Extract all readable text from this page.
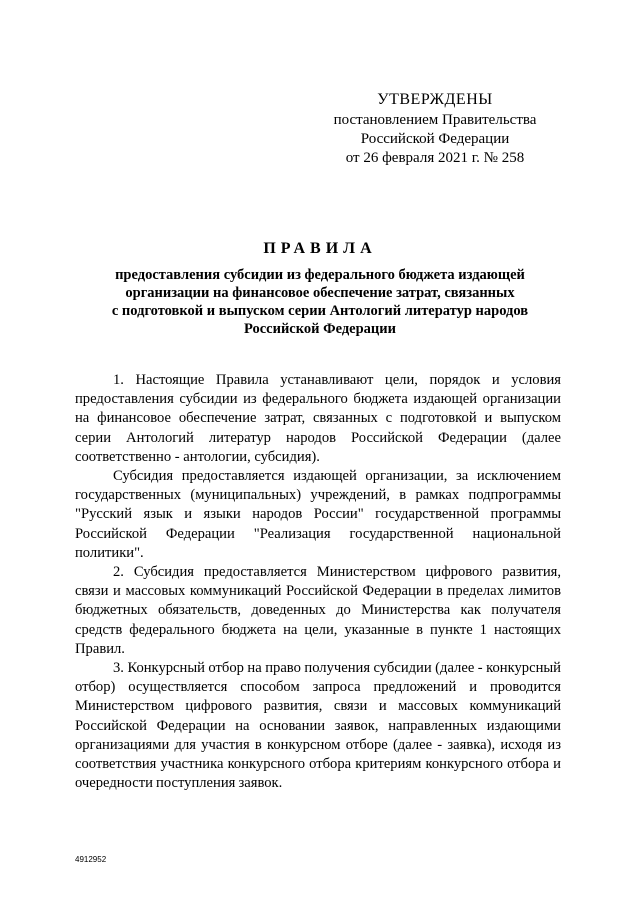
УТВЕРЖДЕНЫ
постановлением Правительства
Российской Федерации
от 26 февраля 2021 г. № 258
ПРАВИЛА
предоставления субсидии из федерального бюджета издающей
организации на финансовое обеспечение затрат, связанных
с подготовкой и выпуском серии Антологий литератур народов
Российской Федерации

1. Настоящие Правила устанавливают цели, порядок и условия предоставления субсидии из федерального бюджета издающей организации на финансовое обеспечение затрат, связанных с подготовкой и выпуском серии Антологий литератур народов Российской Федерации (далее соответственно - антологии, субсидия).

Субсидия предоставляется издающей организации, за исключением государственных (муниципальных) учреждений, в рамках подпрограммы "Русский язык и языки народов России" государственной программы Российской Федерации "Реализация государственной национальной политики".

2. Субсидия предоставляется Министерством цифрового развития, связи и массовых коммуникаций Российской Федерации в пределах лимитов бюджетных обязательств, доведенных до Министерства как получателя средств федерального бюджета на цели, указанные в пункте 1 настоящих Правил.

3. Конкурсный отбор на право получения субсидии (далее - конкурсный отбор) осуществляется способом запроса предложений и проводится Министерством цифрового развития, связи и массовых коммуникаций Российской Федерации на основании заявок, направленных издающими организациями для участия в конкурсном отборе (далее - заявка), исходя из соответствия участника конкурсного отбора критериям конкурсного отбора и очередности поступления заявок.

4912952
